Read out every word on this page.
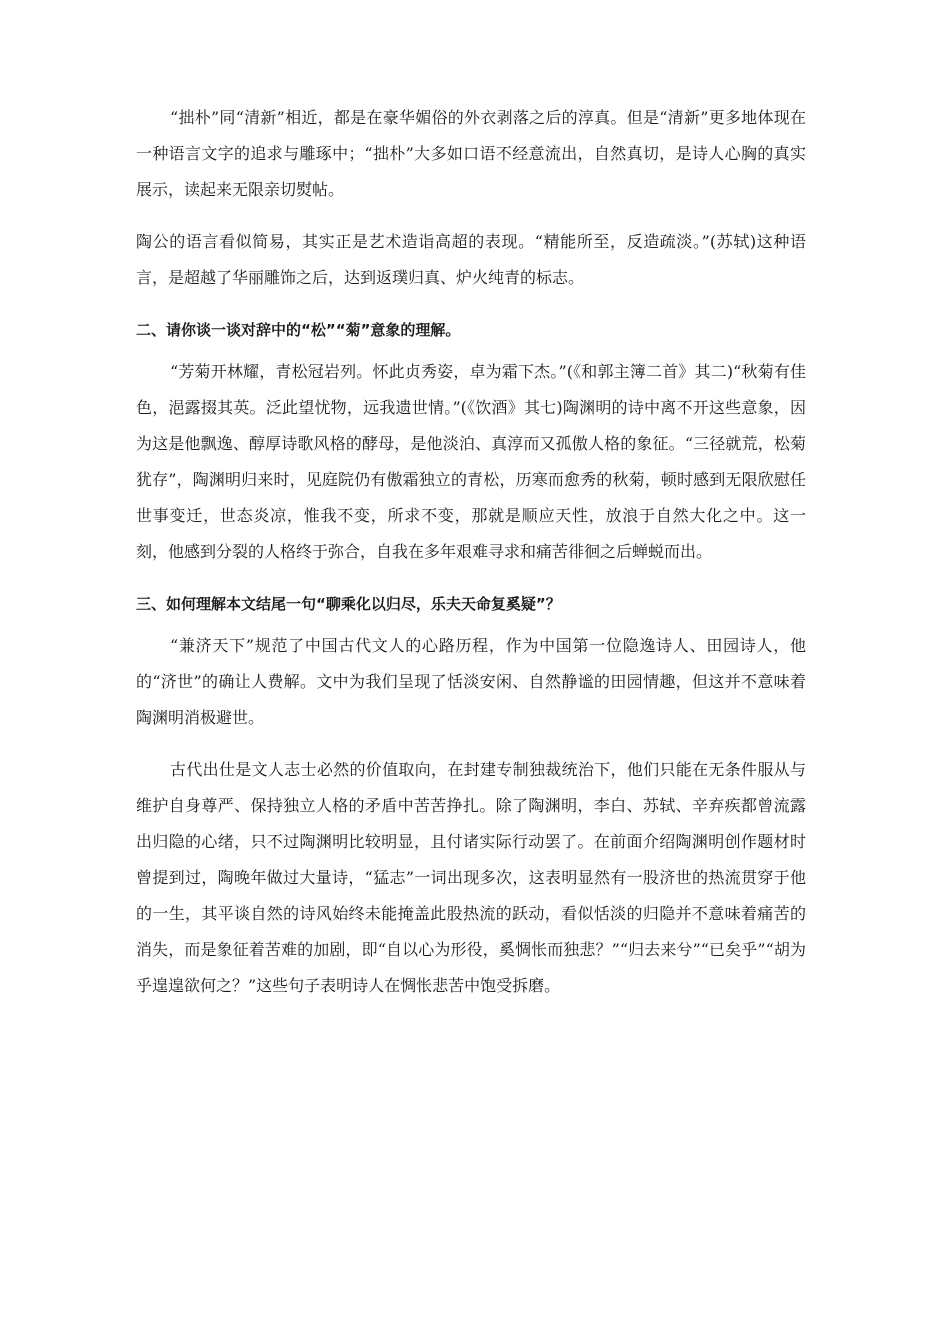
“拙朴”同“清新”相近，都是在豪华媚俗的外衣剥落之后的淳真。但是“清新”更多地体现在一种语言文字的追求与雕琢中；“拙朴”大多如口语不经意流出，自然真切，是诗人心胸的真实展示，读起来无限亲切熨帖。

陶公的语言看似简易，其实正是艺术造诣高超的表现。“精能所至，反造疏淡。”(苏轼)这种语言，是超越了华丽雕饰之后，达到返璞归真、炉火纯青的标志。

二、请你谈一谈对辞中的“松”“菊”意象的理解。

“芳菊开林耀，青松冠岩列。怀此贞秀姿，卓为霜下杰。”(《和郭主簿二首》其二)“秋菊有佳色，浥露掇其英。泛此望忧物，远我遗世情。”(《饮酒》其七)陶渊明的诗中离不开这些意象，因为这是他飘逸、醇厚诗歌风格的酵母，是他淡泊、真淳而又孤傲人格的象征。“三径就荒，松菊犹存”，陶渊明归来时，见庭院仍有傲霜独立的青松，历寒而愈秀的秋菊，顿时感到无限欣慰任世事变迁，世态炎凉，惟我不变，所求不变，那就是顺应天性，放浪于自然大化之中。这一刻，他感到分裂的人格终于弥合，自我在多年艰难寻求和痛苦徘徊之后蝉蜕而出。

三、如何理解本文结尾一句“聊乘化以归尽，乐夫天命复奚疑”？

“兼济天下”规范了中国古代文人的心路历程，作为中国第一位隐逸诗人、田园诗人，他的“济世”的确让人费解。文中为我们呈现了恬淡安闲、自然静谧的田园情趣，但这并不意味着陶渊明消极避世。

古代出仕是文人志士必然的价值取向，在封建专制独裁统治下，他们只能在无条件服从与维护自身尊严、保持独立人格的矛盾中苦苦挣扎。除了陶渊明，李白、苏轼、辛弃疾都曾流露出归隐的心绪，只不过陶渊明比较明显，且付诸实际行动罢了。在前面介绍陶渊明创作题材时曾提到过，陶晚年做过大量诗，“猛志”一词出现多次，这表明显然有一股济世的热流贯穿于他的一生，其平谈自然的诗风始终未能掩盖此股热流的跃动，看似恬淡的归隐并不意味着痛苦的消失，而是象征着苦难的加剧，即“自以心为形役，奚惆怅而独悲？”“归去来兮”“已矣乎”“胡为乎遑遑欲何之？”这些句子表明诗人在惆怅悲苦中饱受拆磨。
